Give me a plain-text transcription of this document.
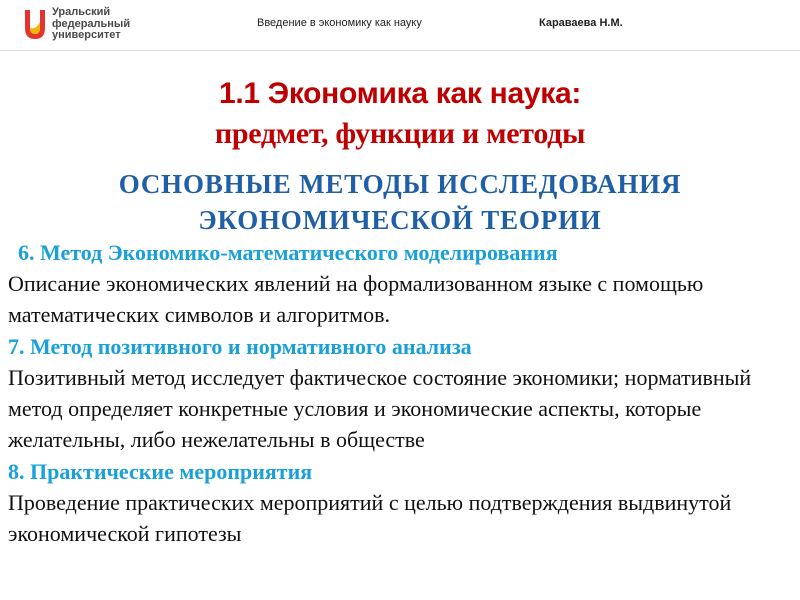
Уральский
федеральный
университет
Введение в экономику как науку	Караваева Н.М.
1.1 Экономика как наука:
предмет, функции и методы
ОСНОВНЫЕ МЕТОДЫ ИССЛЕДОВАНИЯ
ЭКОНОМИЧЕСКОЙ ТЕОРИИ
6. Метод Экономико-математического моделирования
Описание экономических явлений на формализованном языке с помощью математических символов и алгоритмов.
7. Метод позитивного и нормативного анализа
Позитивный метод исследует фактическое состояние экономики; нормативный метод определяет конкретные условия и экономические аспекты, которые желательны, либо нежелательны в обществе
8. Практические мероприятия
Проведение практических мероприятий с целью подтверждения выдвинутой экономической гипотезы
